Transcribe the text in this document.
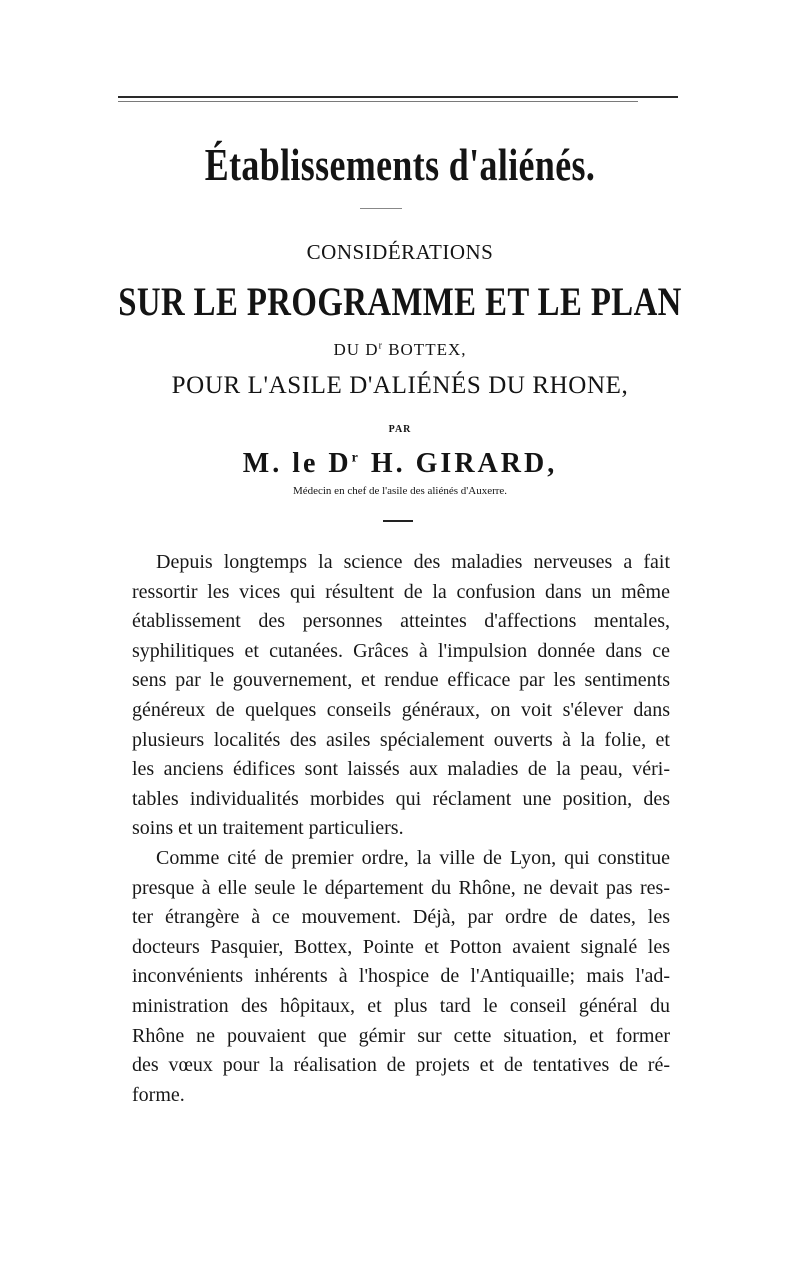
Établissements d'aliénés.
CONSIDÉRATIONS
SUR LE PROGRAMME ET LE PLAN
DU $D^r$ BOTTEX,
POUR L'ASILE D'ALIÉNÉS DU RHONE,
PAR
M. le $D^r$ H. GIRARD,
Médecin en chef de l'asile des aliénés d'Auxerre.
Depuis longtemps la science des maladies nerveuses a fait
ressortir les vices qui résultent de la confusion dans un même
établissement des personnes atteintes d'affections mentales,
syphilitiques et cutanées. Grâces à l'impulsion donnée dans ce
sens par le gouvernement, et rendue efficace par les sentiments
généreux de quelques conseils généraux, on voit s'élever dans
plusieurs localités des asiles spécialement ouverts à la folie, et
les anciens édifices sont laissés aux maladies de la peau, véri-
tables individualités morbides qui réclament une position, des
soins et un traitement particuliers.
Comme cité de premier ordre, la ville de Lyon, qui constitue
presque à elle seule le département du Rhône, ne devait pas res-
ter étrangère à ce mouvement. Déjà, par ordre de dates, les
docteurs Pasquier, Bottex, Pointe et Potton avaient signalé les
inconvénients inhérents à l'hospice de l'Antiquaille; mais l'ad-
ministration des hôpitaux, et plus tard le conseil général du
Rhône ne pouvaient que gémir sur cette situation, et former
des vœux pour la réalisation de projets et de tentatives de ré-
forme.
